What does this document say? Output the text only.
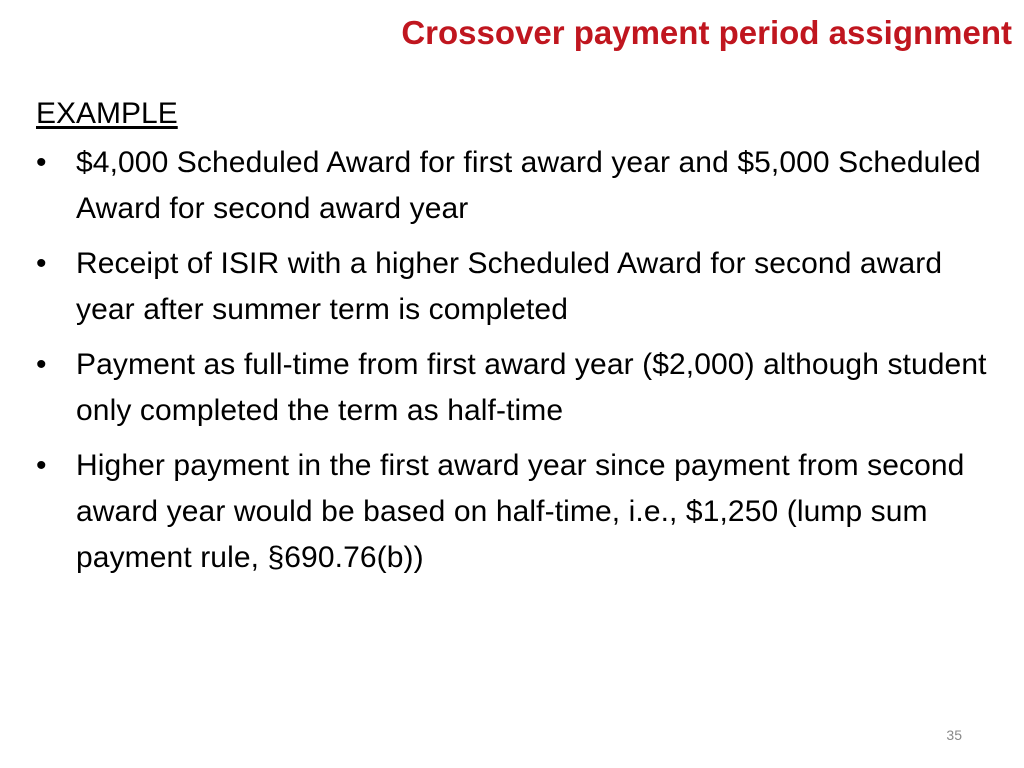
Crossover payment period assignment
EXAMPLE
• $4,000 Scheduled Award for first award year and $5,000 Scheduled Award for second award year
• Receipt of ISIR with a higher Scheduled Award for second award year after summer term is completed
• Payment as full-time from first award year ($2,000) although student only completed the term as half-time
• Higher payment in the first award year since payment from second award year would be based on half-time, i.e., $1,250 (lump sum payment rule, §690.76(b))
35
